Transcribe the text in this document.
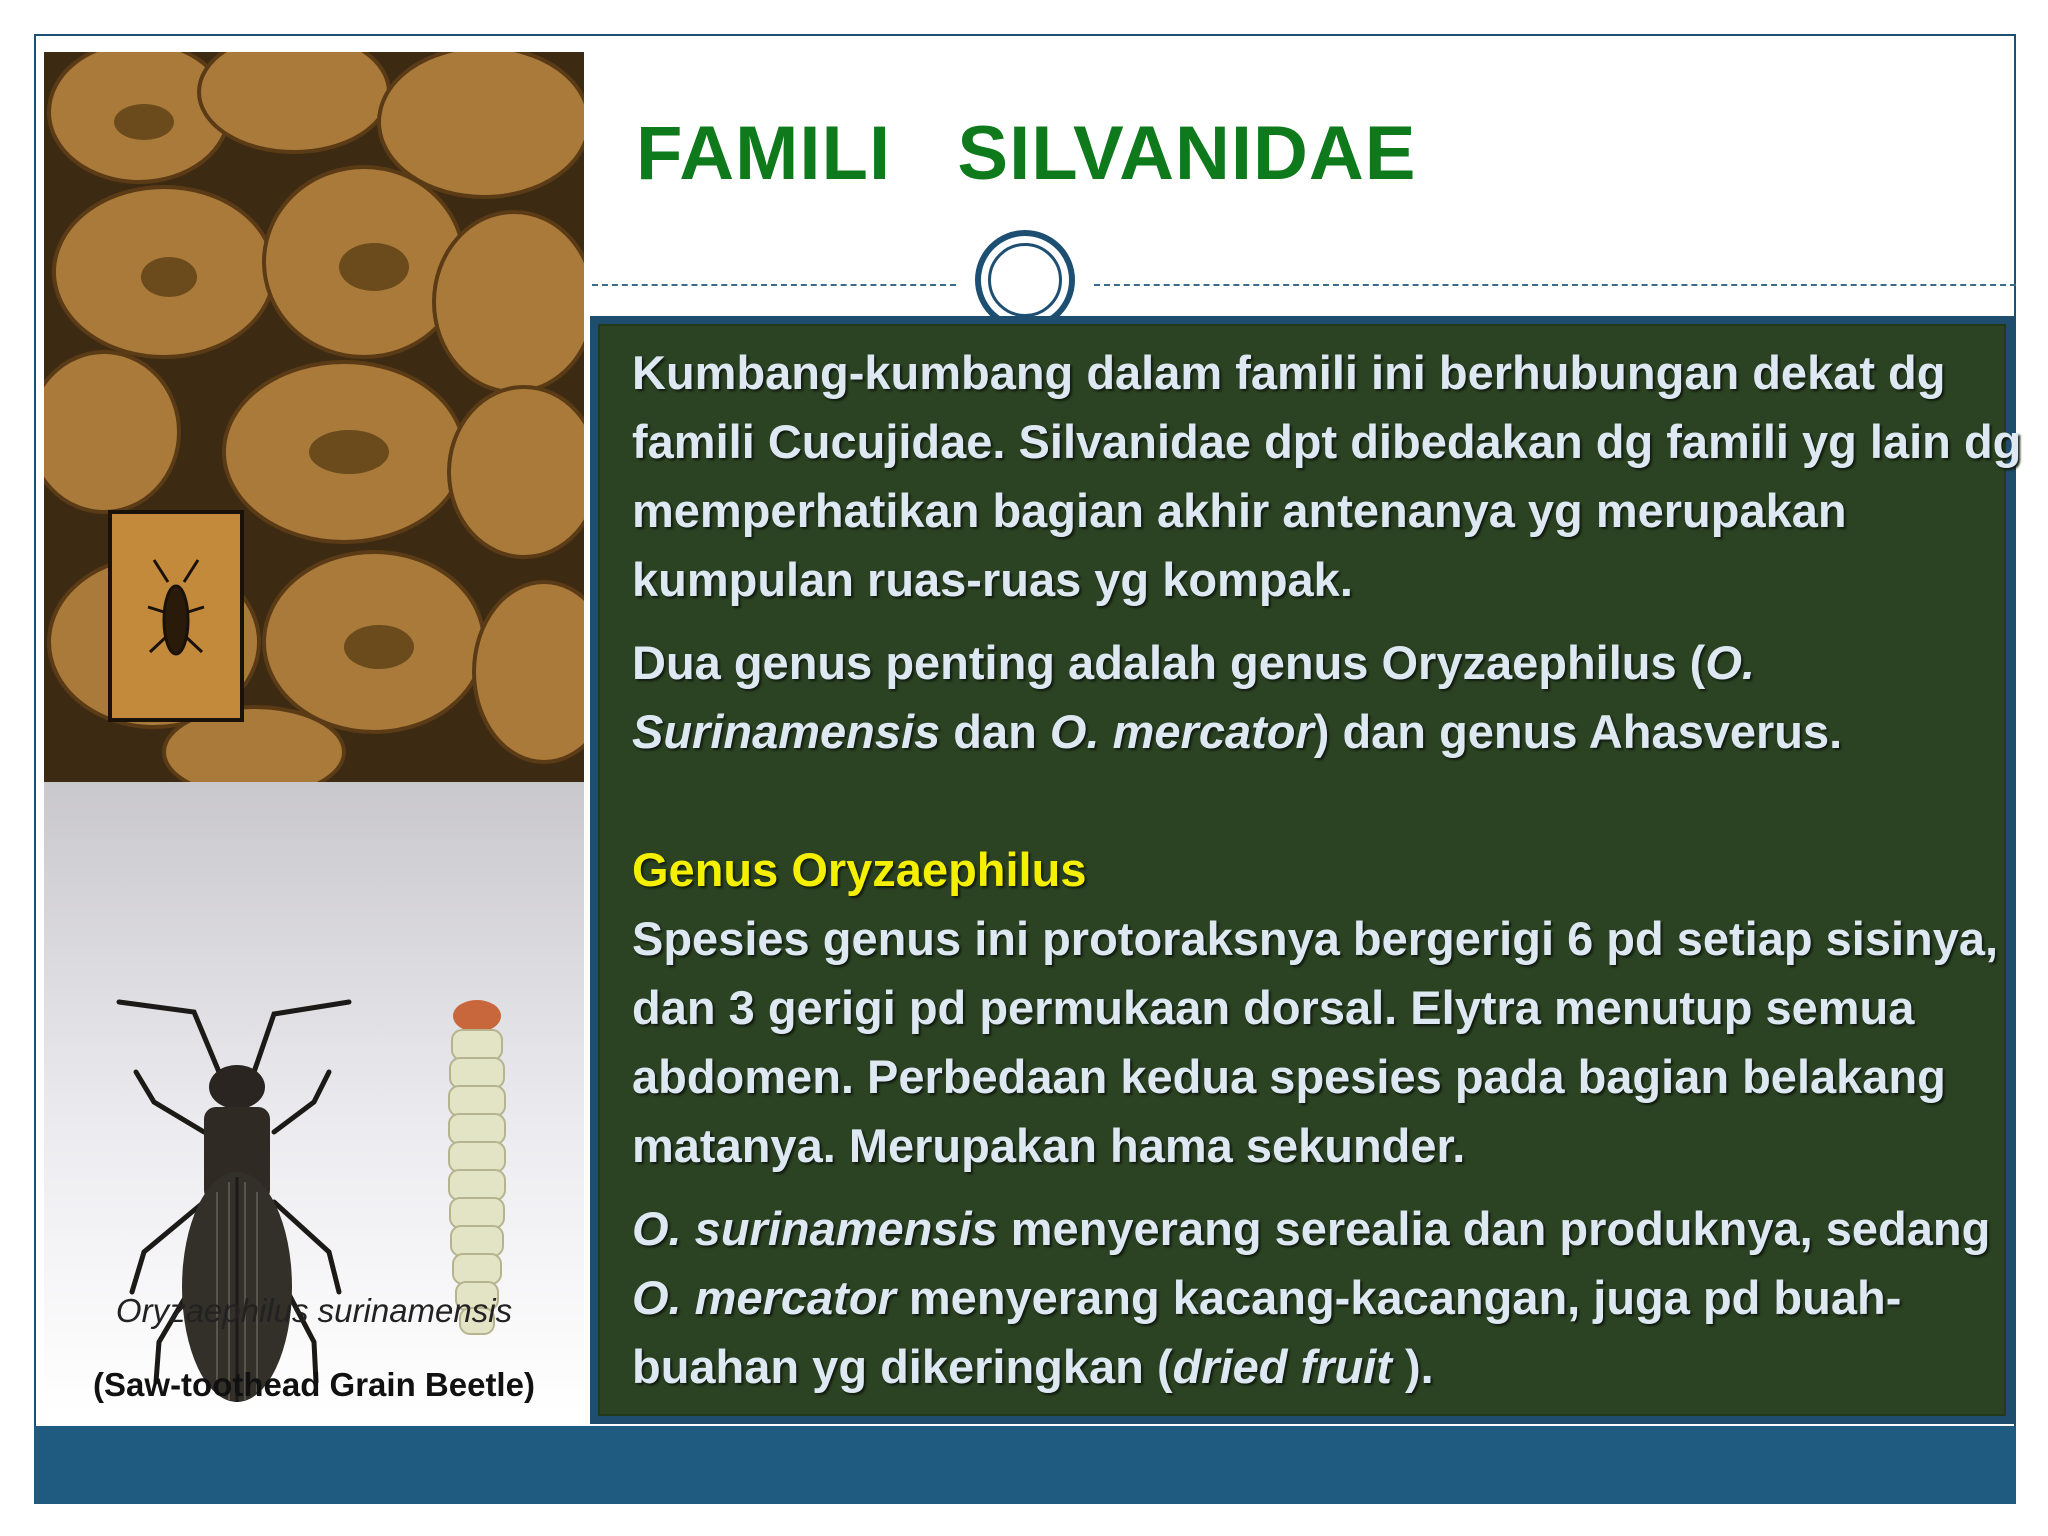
FAMILI   SILVANIDAE

Kumbang-kumbang dalam famili ini berhubungan dekat dg famili Cucujidae. Silvanidae dpt dibedakan dg famili yg lain dg memperhatikan bagian akhir antenanya yg merupakan kumpulan ruas-ruas yg kompak.

Dua genus penting adalah genus Oryzaephilus (O. Surinamensis dan O. mercator) dan genus Ahasverus.

Genus Oryzaephilus

Spesies genus ini protoraksnya bergerigi 6 pd setiap sisinya, dan 3 gerigi pd permukaan dorsal. Elytra menutup semua abdomen. Perbedaan kedua spesies pada bagian belakang matanya. Merupakan hama sekunder.

O. surinamensis menyerang serealia dan produknya, sedang O. mercator menyerang kacang-kacangan, juga pd buah-buahan yg dikeringkan (dried fruit ).

Oryzaephilus surinamensis
(Saw-toothead Grain Beetle)
